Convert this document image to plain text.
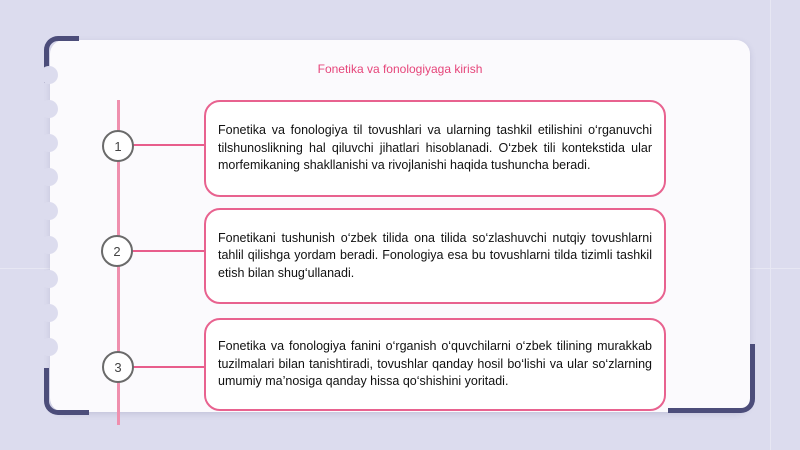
Fonetika va fonologiyaga kirish
1
Fonetika va fonologiya til tovushlari va ularning tashkil etilishini o‘rganuvchi tilshunoslikning hal qiluvchi jihatlari hisoblanadi. O‘zbek tili kontekstida ular morfemikaning shakllanishi va rivojlanishi haqida tushuncha beradi.
2
Fonetikani tushunish o‘zbek tilida ona tilida so‘zlashuvchi nutqiy tovushlarni tahlil qilishga yordam beradi. Fonologiya esa bu tovushlarni tilda tizimli tashkil etish bilan shug‘ullanadi.
3
Fonetika va fonologiya fanini o‘rganish o‘quvchilarni o‘zbek tilining murakkab tuzilmalari bilan tanishtiradi, tovushlar qanday hosil bo‘lishi va ular so‘zlarning umumiy ma’nosiga qanday hissa qo‘shishini yoritadi.
